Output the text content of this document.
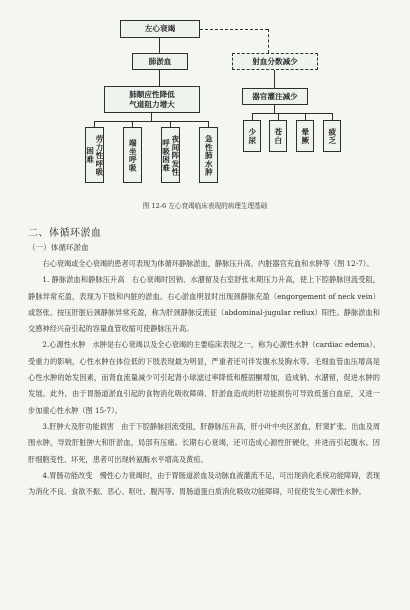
左心衰竭
肺淤血	射血分数减少
肺顺应性降低
气道阻力增大
器官灌注减少
劳力性呼吸困难	端坐呼吸	夜间阵发性呼吸困难	急性肺水肿	少尿	苍白	晕厥	疲乏
图 12-6 左心衰竭临床表现的病理生理基础
二、体循环淤血
（一）体循环淤血

右心衰竭或全心衰竭的患者可表现为体循环静脉淤血，静脉压升高，内脏器官充血和水肿等（图 12-7）。

1. 静脉淤血和静脉压升高　右心衰竭时因钠、水潴留及右室舒张末期压力升高，使上下腔静脉回流受阻，静脉异常充盈，表现为下肢和内脏的淤血。右心淤血明显时出现颈静脉充盈（engorgement of neck vein）或怒张。按压肝脏后颈静脉异常充盈，称为肝颈静脉反流征（abdominal-jugular reflux）阳性。静脉淤血和交感神经兴奋引起的容量血管收缩可使静脉压升高。

2.心源性水肿　水肿是右心衰竭以及全心衰竭的主要临床表现之一，称为心源性水肿（cardiac edema）。受重力的影响，心性水肿在体位低的下肢表现最为明显，严重者还可伴发腹水及胸水等。毛细血管血压增高是心性水肿的始发因素，而肾血流量减少可引起肾小球滤过率降低和醛固酮增加，造成钠、水潴留，促进水肿的发展。此外，由于胃肠道淤血引起的食物消化吸收障碍、肝淤血造成的肝功能损伤可导致低蛋白血症，又进一步加重心性水肿（图 15-7）。

3.肝肿大及肝功能损害　由于下腔静脉回流受阻，肝静脉压升高，肝小叶中央区淤血，肝窦扩张、出血及周围水肿，导致肝脏肿大和肝淤血，局部有压痛。长期右心衰竭，还可造成心源性肝硬化，并进而引起腹水。因肝细胞变性、坏死，患者可出现转氨酶水平增高及黄疸。

4.胃肠功能改变　慢性心力衰竭时，由于胃肠道淤血及动脉血液灌流不足，可出现消化系统功能障碍，表现为消化不良、食欲不振、恶心、呕吐、腹泻等。胃肠道蛋白质消化吸收功能障碍，可促使发生心源性水肿。
